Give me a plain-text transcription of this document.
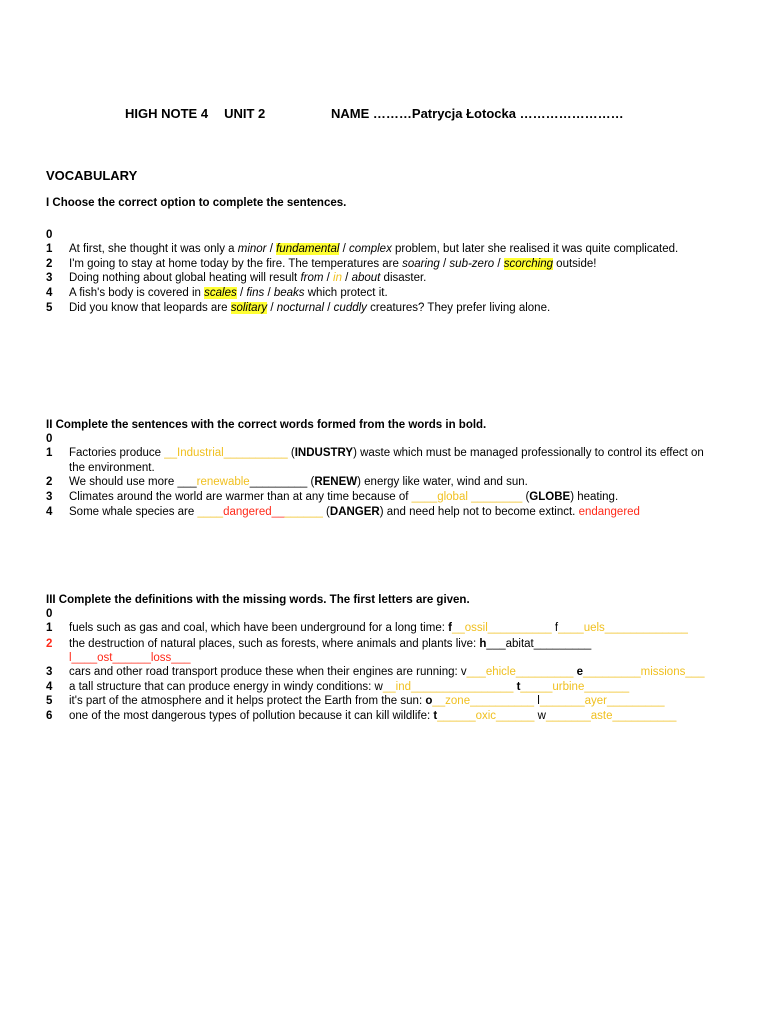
HIGH NOTE 4 UNIT 2	NAME ………Patrycja Łotocka ……………………
VOCABULARY
I Choose the correct option to complete the sentences.
0
1 At first, she thought it was only a minor / fundamental / complex problem, but later she realised it was quite complicated.
2 I'm going to stay at home today by the fire. The temperatures are soaring / sub-zero / scorching outside!
3 Doing nothing about global heating will result from / in / about disaster.
4 A fish's body is covered in scales / fins / beaks which protect it.
5 Did you know that leopards are solitary / nocturnal / cuddly creatures? They prefer living alone.
II Complete the sentences with the correct words formed from the words in bold.
0
1 Factories produce __Industrial__________ (INDUSTRY) waste which must be managed professionally to control its effect on
the environment.
2 We should use more ___renewable_________ (RENEW) energy like water, wind and sun.
3 Climates around the world are warmer than at any time because of ____global ________ (GLOBE) heating.
4 Some whale species are ____dangered________ (DANGER) and need help not to become extinct. endangered
III Complete the definitions with the missing words. The first letters are given.
0
1 fuels such as gas and coal, which have been underground for a long time: f__ossil__________ f____uels_____________
2 the destruction of natural places, such as forests, where animals and plants live: h___abitat_________
l____ost______loss___
3 cars and other road transport produce these when their engines are running: v___ehicle_________ e_________missions___
4 a tall structure that can produce energy in windy conditions: w__ind________________ t_____urbine_______
5 it's part of the atmosphere and it helps protect the Earth from the sun: o__zone__________ l_______ayer_________
6 one of the most dangerous types of pollution because it can kill wildlife: t______oxic______ w_______aste__________
